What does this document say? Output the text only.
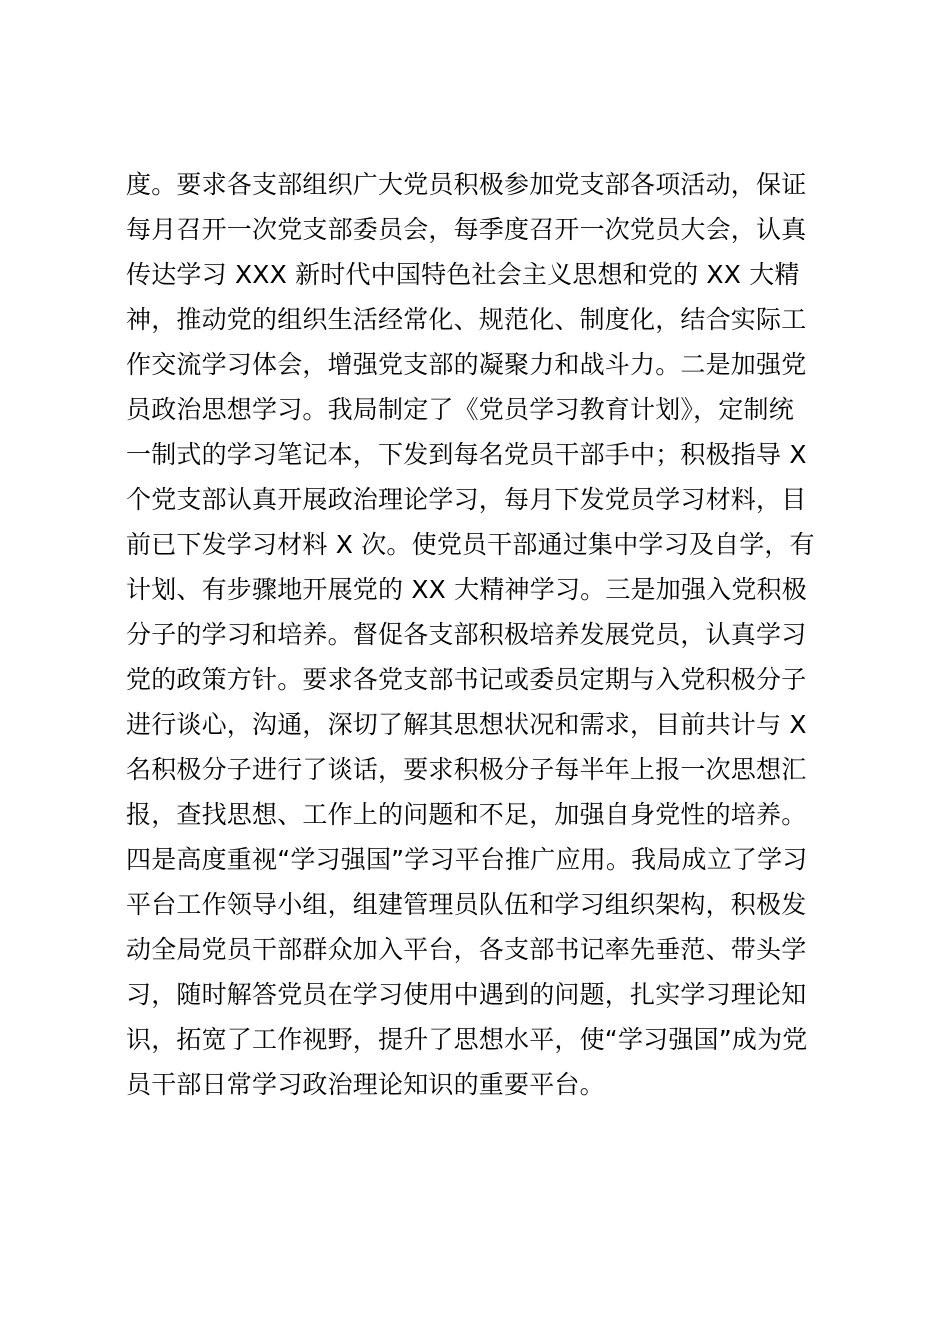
度。要求各支部组织广大党员积极参加党支部各项活动，保证
每月召开一次党支部委员会，每季度召开一次党员大会，认真
传达学习 XXX 新时代中国特色社会主义思想和党的 XX 大精
神，推动党的组织生活经常化、规范化、制度化，结合实际工
作交流学习体会，增强党支部的凝聚力和战斗力。二是加强党
员政治思想学习。我局制定了《党员学习教育计划》，定制统
一制式的学习笔记本，下发到每名党员干部手中；积极指导 X
个党支部认真开展政治理论学习，每月下发党员学习材料，目
前已下发学习材料 X 次。使党员干部通过集中学习及自学，有
计划、有步骤地开展党的 XX 大精神学习。三是加强入党积极
分子的学习和培养。督促各支部积极培养发展党员，认真学习
党的政策方针。要求各党支部书记或委员定期与入党积极分子
进行谈心，沟通，深切了解其思想状况和需求，目前共计与 X
名积极分子进行了谈话，要求积极分子每半年上报一次思想汇
报，查找思想、工作上的问题和不足，加强自身党性的培养。
四是高度重视“学习强国”学习平台推广应用。我局成立了学习
平台工作领导小组，组建管理员队伍和学习组织架构，积极发
动全局党员干部群众加入平台，各支部书记率先垂范、带头学
习，随时解答党员在学习使用中遇到的问题，扎实学习理论知
识，拓宽了工作视野，提升了思想水平，使“学习强国”成为党
员干部日常学习政治理论知识的重要平台。
